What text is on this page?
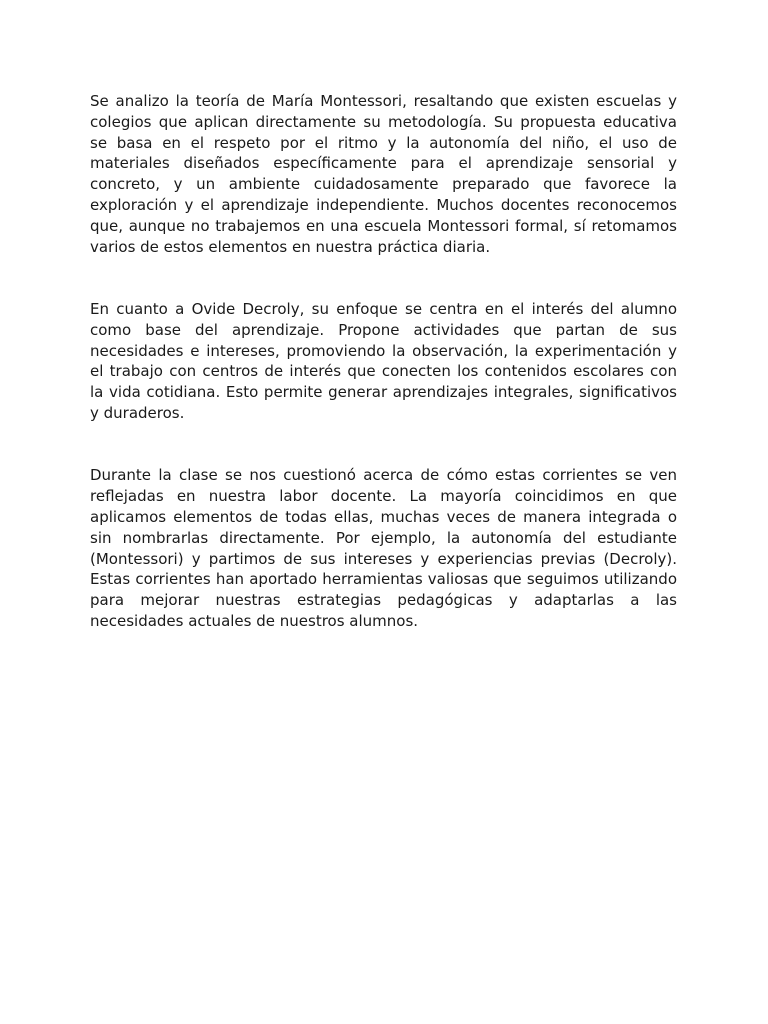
Se analizo la teoría de María Montessori, resaltando que existen escuelas y colegios que aplican directamente su metodología. Su propuesta educativa se basa en el respeto por el ritmo y la autonomía del niño, el uso de materiales diseñados específicamente para el aprendizaje sensorial y concreto, y un ambiente cuidadosamente preparado que favorece la exploración y el aprendizaje independiente. Muchos docentes reconocemos que, aunque no trabajemos en una escuela Montessori formal, sí retomamos varios de estos elementos en nuestra práctica diaria.

En cuanto a Ovide Decroly, su enfoque se centra en el interés del alumno como base del aprendizaje. Propone actividades que partan de sus necesidades e intereses, promoviendo la observación, la experimentación y el trabajo con centros de interés que conecten los contenidos escolares con la vida cotidiana. Esto permite generar aprendizajes integrales, significativos y duraderos.

Durante la clase se nos cuestionó acerca de cómo estas corrientes se ven reflejadas en nuestra labor docente. La mayoría coincidimos en que aplicamos elementos de todas ellas, muchas veces de manera integrada o sin nombrarlas directamente. Por ejemplo, la autonomía del estudiante (Montessori) y partimos de sus intereses y experiencias previas (Decroly). Estas corrientes han aportado herramientas valiosas que seguimos utilizando para mejorar nuestras estrategias pedagógicas y adaptarlas a las necesidades actuales de nuestros alumnos.
